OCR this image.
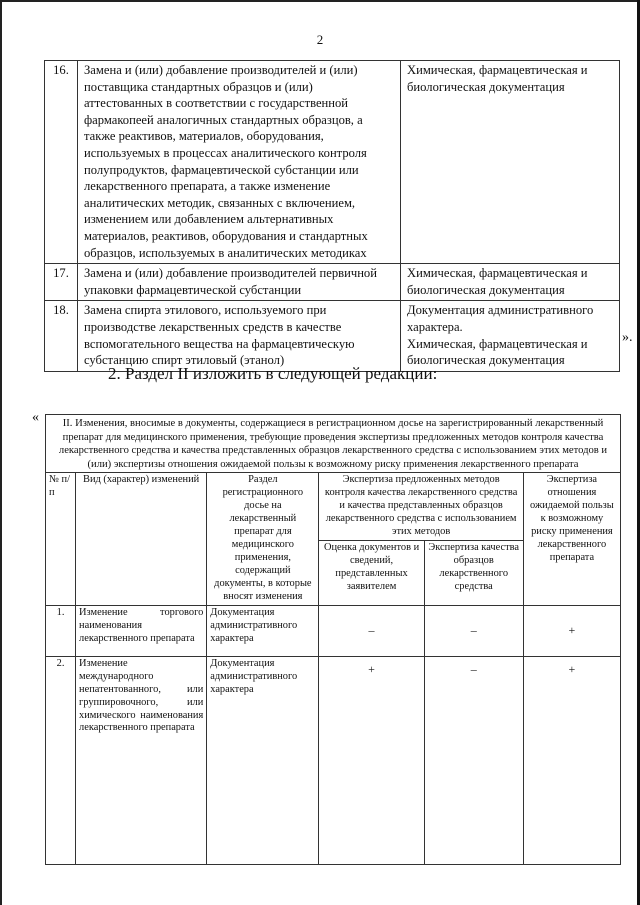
2
16.	Замена и (или) добавление производителей и (или) поставщика стандартных образцов и (или) аттестованных в соответствии с государственной фармакопеей аналогичных стандартных образцов, а также реактивов, материалов, оборудования, используемых в процессах аналитического контроля полупродуктов, фармацевтической субстанции или лекарственного препарата, а также изменение аналитических методик, связанных с включением, изменением или добавлением альтернативных материалов, реактивов, оборудования и стандартных образцов, используемых в аналитических методиках	Химическая, фармацевтическая и биологическая документация
17.	Замена и (или) добавление производителей первичной упаковки фармацевтической субстанции	Химическая, фармацевтическая и биологическая документация
18.	Замена спирта этилового, используемого при производстве лекарственных средств в качестве вспомогательного вещества на фармацевтическую субстанцию спирт этиловый (этанол)	Документация административного характера.
Химическая, фармацевтическая и биологическая документация
».
2. Раздел II изложить в следующей редакции:
« II. Изменения, вносимые в документы, содержащиеся в регистрационном досье на зарегистрированный лекарственный препарат для медицинского применения, требующие проведения экспертизы предложенных методов контроля качества лекарственного средства и качества представленных образцов лекарственного средства с использованием этих методов и (или) экспертизы отношения ожидаемой пользы к возможному риску применения лекарственного препарата					
№ п/п	Вид (характер) изменений	Раздел регистрационного досье на лекарственный препарат для медицинского применения, содержащий документы, в которые вносят изменения	Экспертиза предложенных методов контроля качества лекарственного средства и качества представленных образцов лекарственного средства с использованием этих методов		Экспертиза отношения ожидаемой пользы к возможному риску применения лекарственного препарата
			Оценка документов и сведений, представленных заявителем	Экспертиза качества образцов лекарственного средства	
1.	Изменение торгового наименования лекарственного препарата	Документация административного характера	–	–	+
2.	Изменение международного непатентованного, или группировочного, или химического наименования лекарственного препарата	Документация административного характера	+	–	+
